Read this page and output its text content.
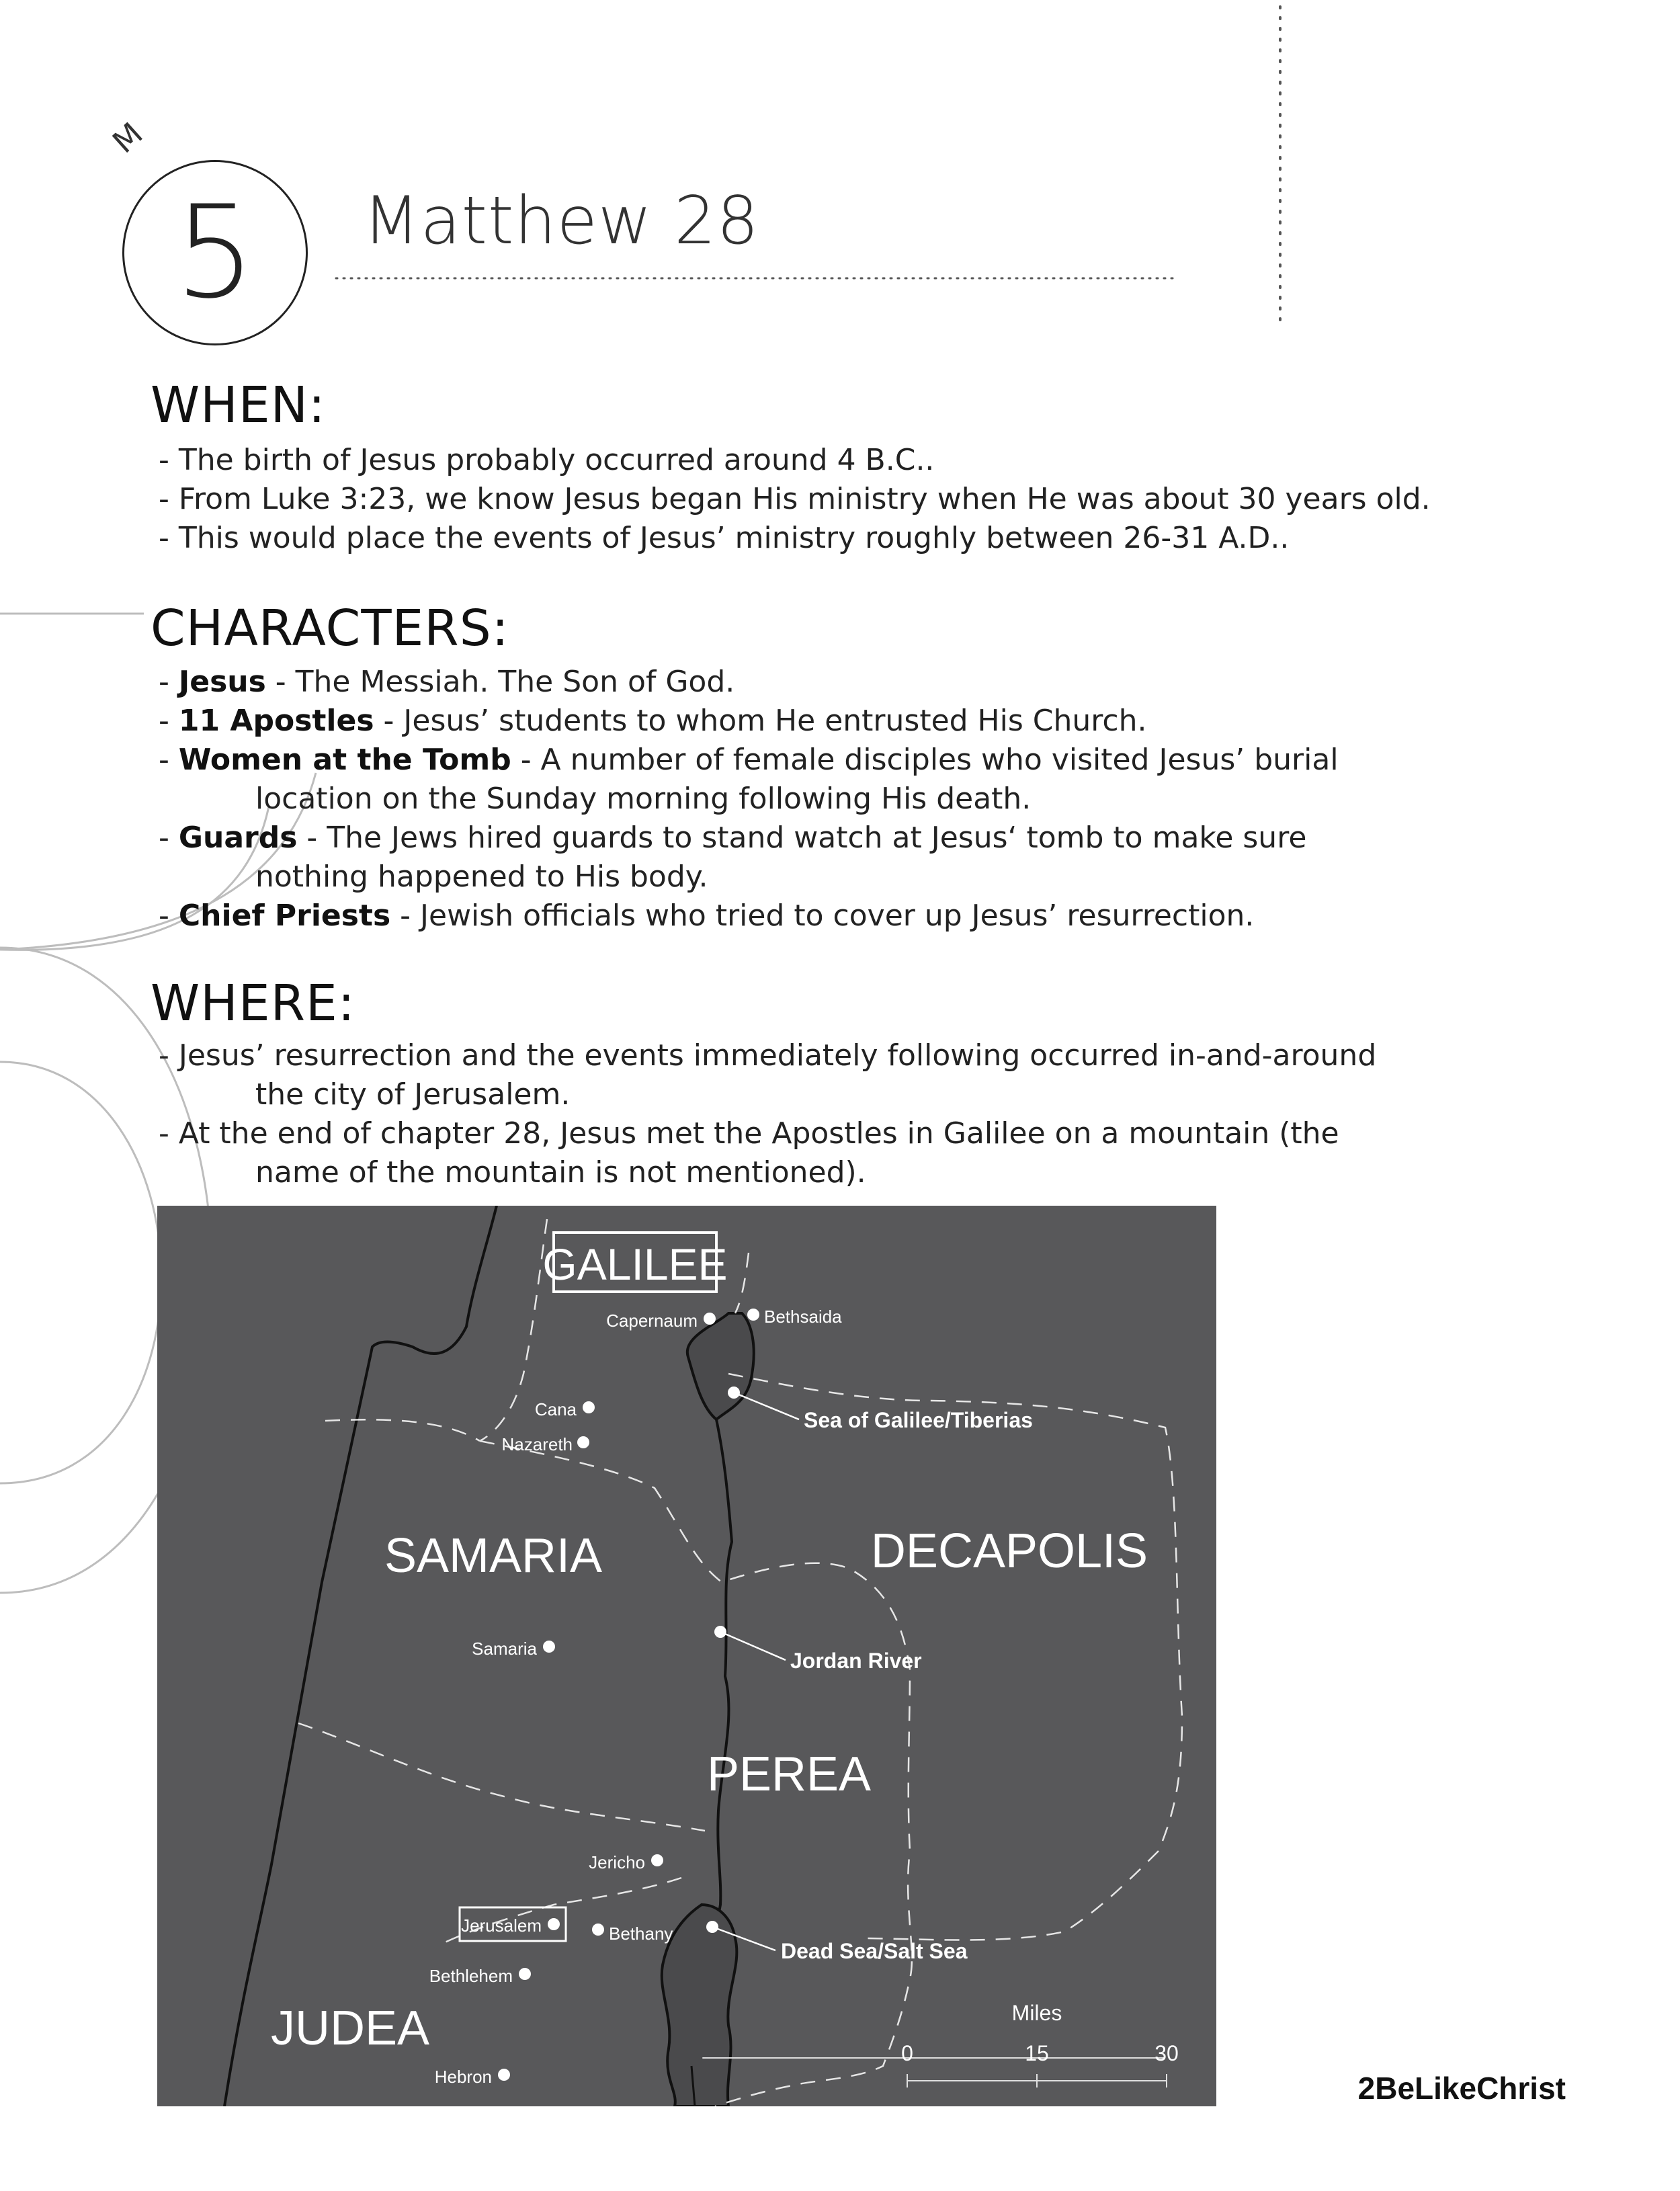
M
5	Matthew 28
WHEN:
- The birth of Jesus probably occurred around 4 B.C..
- From Luke 3:23, we know Jesus began His ministry when He was about 30 years old.
- This would place the events of Jesus’ ministry roughly between 26-31 A.D..
CHARACTERS:
- Jesus - The Messiah. The Son of God.
- 11 Apostles - Jesus’ students to whom He entrusted His Church.
- Women at the Tomb - A number of female disciples who visited Jesus’ burial
location on the Sunday morning following His death.
- Guards - The Jews hired guards to stand watch at Jesus‘ tomb to make sure
nothing happened to His body.
- Chief Priests - Jewish officials who tried to cover up Jesus’ resurrection.
WHERE:
- Jesus’ resurrection and the events immediately following occurred in-and-around
the city of Jerusalem.
- At the end of chapter 28, Jesus met the Apostles in Galilee on a mountain (the
name of the mountain is not mentioned).
GALILEE
SAMARIA	DECAPOLIS
PEREA
JUDEA
Capernaum	Bethsaida
Cana
Nazareth
Samaria
Jericho
Jerusalem	Bethany
Bethlehem
Hebron
Sea of Galilee/Tiberias
Jordan River
Dead Sea/Salt Sea
Miles
0	15	30
2BeLikeChrist
